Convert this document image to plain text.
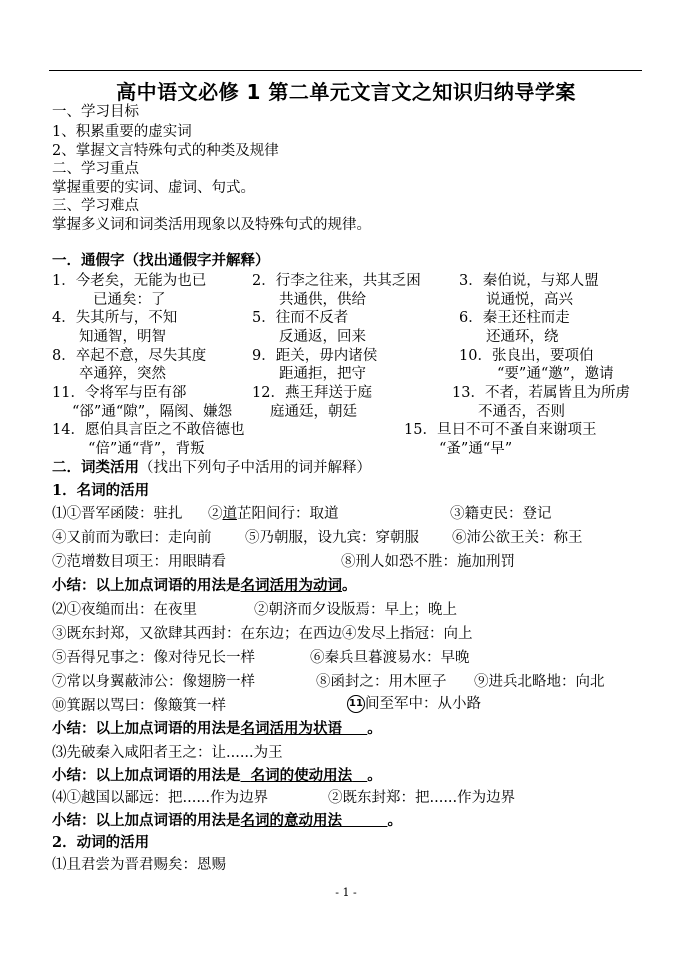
高中语文必修 1 第二单元文言文之知识归纳导学案
一、学习目标
1、积累重要的虚实词
2、掌握文言特殊句式的种类及规律
二、学习重点
掌握重要的实词、虚词、句式。
三、学习难点
掌握多义词和词类活用现象以及特殊句式的规律。
一．通假字（找出通假字并解释）
1．今老矣，无能为也已
已通矣：了
2．行李之往来，共其乏困
共通供，供给
3．秦伯说，与郑人盟
说通悦，高兴
4．失其所与，不知
知通智，明智
5．往而不反者
反通返，回来
6．秦王还柱而走
还通环，绕
8．卒起不意，尽失其度
卒通猝，突然
9．距关，毋内诸侯
距通拒，把守
10．张良出，要项伯
“要”通“邀”，邀请
11．令将军与臣有郤
“郤”通“隙”，隔阂、嫌怨
12．燕王拜送于庭
庭通廷，朝廷
13．不者，若属皆且为所虏
不通否，否则
14．愿伯具言臣之不敢倍德也
“倍”通“背”，背叛
15．旦日不可不蚤自来谢项王
“蚤”通“早”
二．词类活用（找出下列句子中活用的词并解释）
1．名词的活用
⑴①晋军函陵：驻扎 ②道芷阳间行：取道	③籍吏民：登记
④又前而为歌曰：走向前 ⑤乃朝服，设九宾：穿朝服 ⑥沛公欲王关：称王
⑦范增数目项王：用眼睛看	⑧刑人如恐不胜：施加刑罚
小结：以上加点词语的用法是名词活用为动词。
⑵①夜缒而出：在夜里	②朝济而夕设版焉：早上；晚上
③既东封郑，又欲肆其西封：在东边；在西边④发尽上指冠：向上
⑤吾得兄事之：像对待兄长一样	⑥秦兵旦暮渡易水：早晚
⑦常以身翼蔽沛公：像翅膀一样	⑧函封之：用木匣子 ⑨进兵北略地：向北
⑩箕踞以骂曰：像簸箕一样	11 间至军中：从小路
小结：以上加点词语的用法是名词活用为状语 。
⑶先破秦入咸阳者王之：让......为王
小结：以上加点词语的用法是 名词的使动用法 。
⑷①越国以鄙远：把......作为边界	②既东封郑：把......作为边界
小结：以上加点词语的用法是名词的意动用法	。
2．动词的活用
⑴且君尝为晋君赐矣：恩赐
- 1 -
